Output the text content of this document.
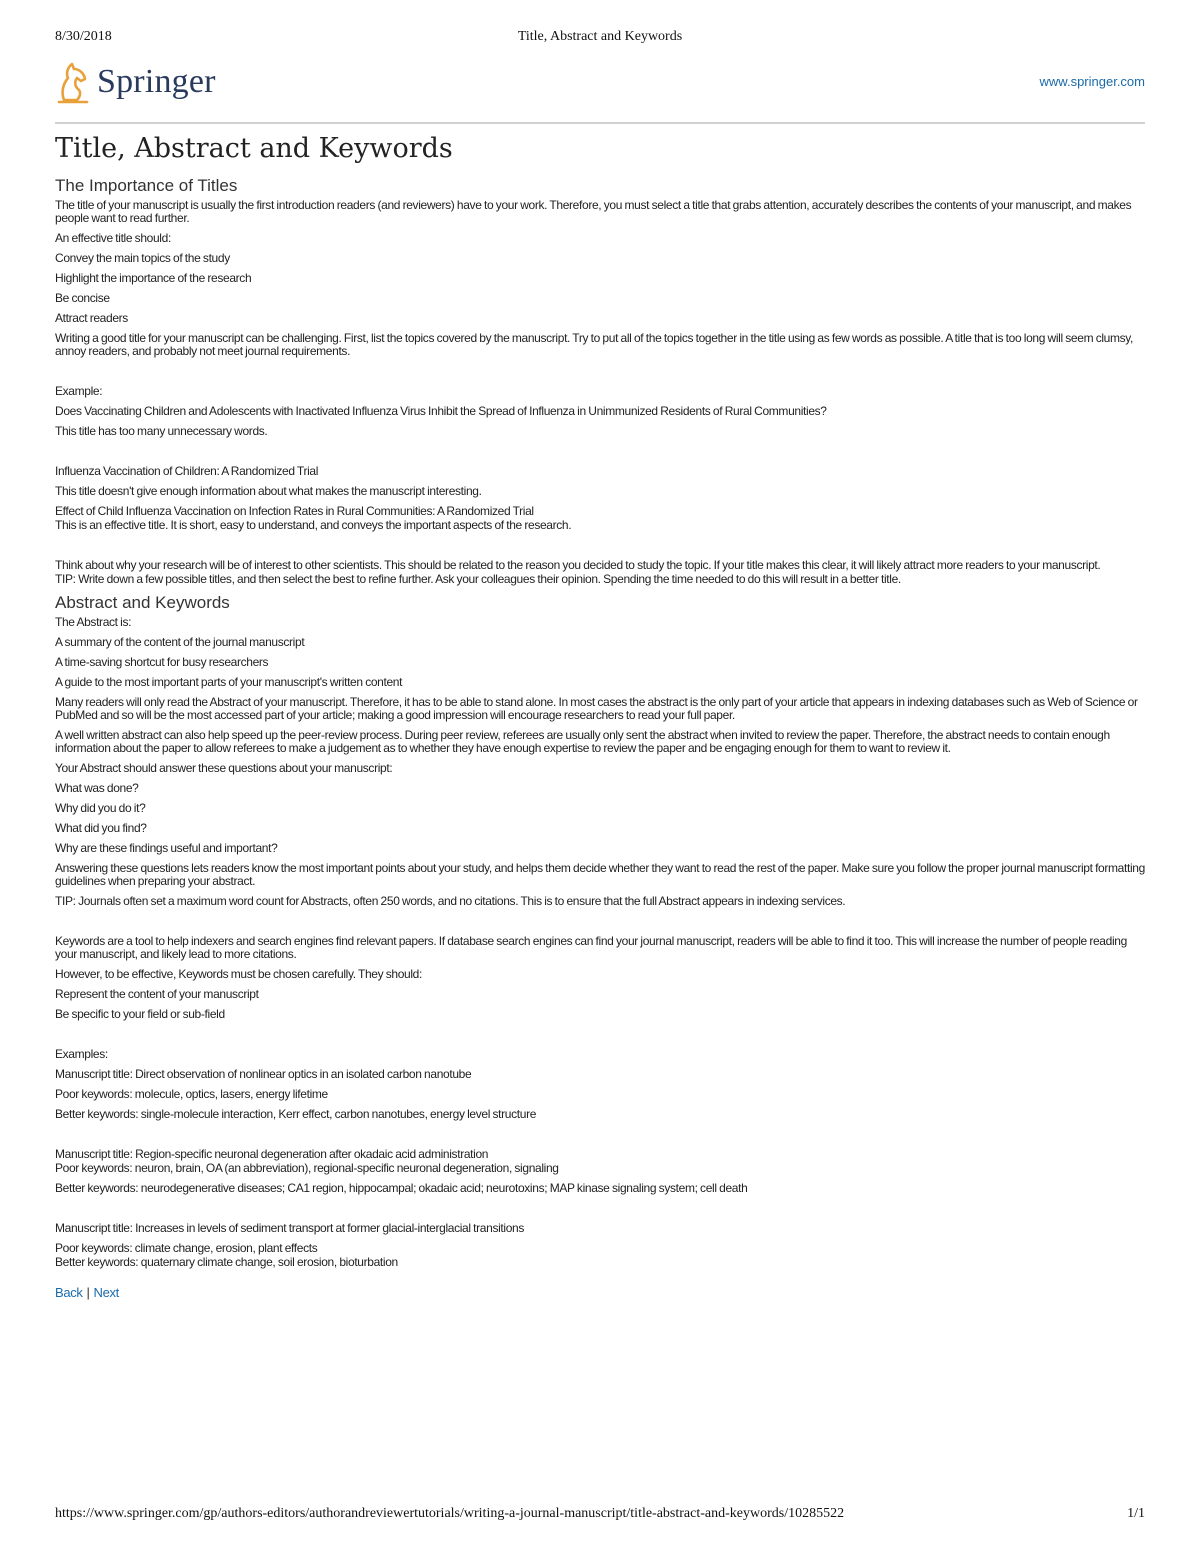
8/30/2018	Title, Abstract and Keywords
Springer	www.springer.com
Title, Abstract and Keywords
The Importance of Titles

The title of your manuscript is usually the first introduction readers (and reviewers) have to your work. Therefore, you must select a title that grabs attention, accurately describes the contents of your manuscript, and makes people want to read further.

An effective title should:

Convey the main topics of the study

Highlight the importance of the research

Be concise

Attract readers

Writing a good title for your manuscript can be challenging. First, list the topics covered by the manuscript. Try to put all of the topics together in the title using as few words as possible. A title that is too long will seem clumsy, annoy readers, and probably not meet journal requirements.

Example:

Does Vaccinating Children and Adolescents with Inactivated Influenza Virus Inhibit the Spread of Influenza in Unimmunized Residents of Rural Communities?

This title has too many unnecessary words.

Influenza Vaccination of Children: A Randomized Trial

This title doesn't give enough information about what makes the manuscript interesting.

Effect of Child Influenza Vaccination on Infection Rates in Rural Communities: A Randomized Trial

This is an effective title. It is short, easy to understand, and conveys the important aspects of the research.

Think about why your research will be of interest to other scientists. This should be related to the reason you decided to study the topic. If your title makes this clear, it will likely attract more readers to your manuscript.

TIP: Write down a few possible titles, and then select the best to refine further. Ask your colleagues their opinion. Spending the time needed to do this will result in a better title.

Abstract and Keywords

The Abstract is:

A summary of the content of the journal manuscript

A time-saving shortcut for busy researchers

A guide to the most important parts of your manuscript's written content

Many readers will only read the Abstract of your manuscript. Therefore, it has to be able to stand alone. In most cases the abstract is the only part of your article that appears in indexing databases such as Web of Science or PubMed and so will be the most accessed part of your article; making a good impression will encourage researchers to read your full paper.

A well written abstract can also help speed up the peer-review process. During peer review, referees are usually only sent the abstract when invited to review the paper. Therefore, the abstract needs to contain enough information about the paper to allow referees to make a judgement as to whether they have enough expertise to review the paper and be engaging enough for them to want to review it.

Your Abstract should answer these questions about your manuscript:

What was done?

Why did you do it?

What did you find?

Why are these findings useful and important?

Answering these questions lets readers know the most important points about your study, and helps them decide whether they want to read the rest of the paper. Make sure you follow the proper journal manuscript formatting guidelines when preparing your abstract.

TIP: Journals often set a maximum word count for Abstracts, often 250 words, and no citations. This is to ensure that the full Abstract appears in indexing services.

Keywords are a tool to help indexers and search engines find relevant papers. If database search engines can find your journal manuscript, readers will be able to find it too. This will increase the number of people reading your manuscript, and likely lead to more citations.

However, to be effective, Keywords must be chosen carefully. They should:

Represent the content of your manuscript

Be specific to your field or sub-field

Examples:

Manuscript title: Direct observation of nonlinear optics in an isolated carbon nanotube

Poor keywords: molecule, optics, lasers, energy lifetime

Better keywords: single-molecule interaction, Kerr effect, carbon nanotubes, energy level structure

Manuscript title: Region-specific neuronal degeneration after okadaic acid administration

Poor keywords: neuron, brain, OA (an abbreviation), regional-specific neuronal degeneration, signaling

Better keywords: neurodegenerative diseases; CA1 region, hippocampal; okadaic acid; neurotoxins; MAP kinase signaling system; cell death

Manuscript title: Increases in levels of sediment transport at former glacial-interglacial transitions

Poor keywords: climate change, erosion, plant effects

Better keywords: quaternary climate change, soil erosion, bioturbation

Back | Next
https://www.springer.com/gp/authors-editors/authorandreviewertutorials/writing-a-journal-manuscript/title-abstract-and-keywords/10285522	1/1
